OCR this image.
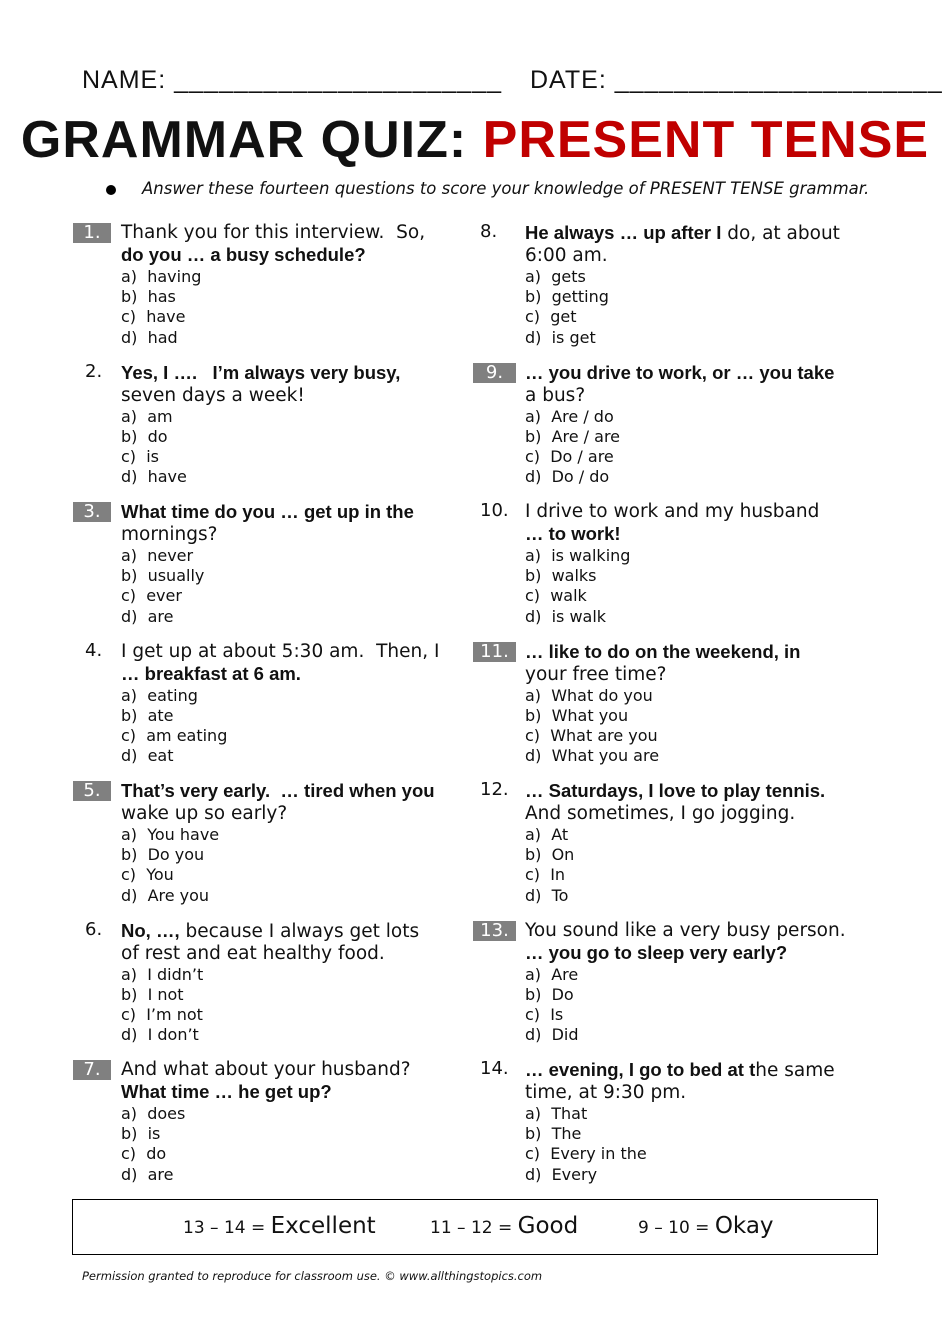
NAME: ______________________ DATE: ______________________
GRAMMAR QUIZ: PRESENT TENSE
Answer these fourteen questions to score your knowledge of PRESENT TENSE grammar.
1.	Thank you for this interview.  So,
do you … a busy schedule?
a)  having
b)  has
c)  have
d)  had
2. Yes, I ….   I’m always very busy,
seven days a week!
a)  am
b)  do
c)  is
d)  have
3.	What time do you … get up in the
mornings?
a)  never
b)  usually
c)  ever
d)  are
4. I get up at about 5:30 am.  Then, I
… breakfast at 6 am.
a)  eating
b)  ate
c)  am eating
d)  eat
5.	That’s very early.  … tired when you
wake up so early?
a)  You have
b)  Do you
c)  You
d)  Are you
6. No, …, because I always get lots
of rest and eat healthy food.
a)  I didn’t
b)  I not
c)  I’m not
d)  I don’t
7.	And what about your husband?
What time … he get up?
a)  does
b)  is
c)  do
d)  are
8. He always … up after I do, at about
6:00 am.
a)  gets
b)  getting
c)  get
d)  is get
9.	… you drive to work, or … you take
a bus?
a)  Are / do
b)  Are / are
c)  Do / are
d)  Do / do
10. I drive to work and my husband
… to work!
a)  is walking
b)  walks
c)  walk
d)  is walk
11. … like to do on the weekend, in
your free time?
a)  What do you
b)  What you
c)  What are you
d)  What you are
12. … Saturdays, I love to play tennis.
And sometimes, I go jogging.
a)  At
b)  On
c)  In
d)  To
13. You sound like a very busy person.
… you go to sleep very early?
a)  Are
b)  Do
c)  Is
d)  Did
14. … evening, I go to bed at the same
time, at 9:30 pm.
a)  That
b)  The
c)  Every in the
d)  Every
13 – 14 = Excellent	11 – 12 = Good	9 – 10 = Okay
Permission granted to reproduce for classroom use. © www.allthingstopics.com
